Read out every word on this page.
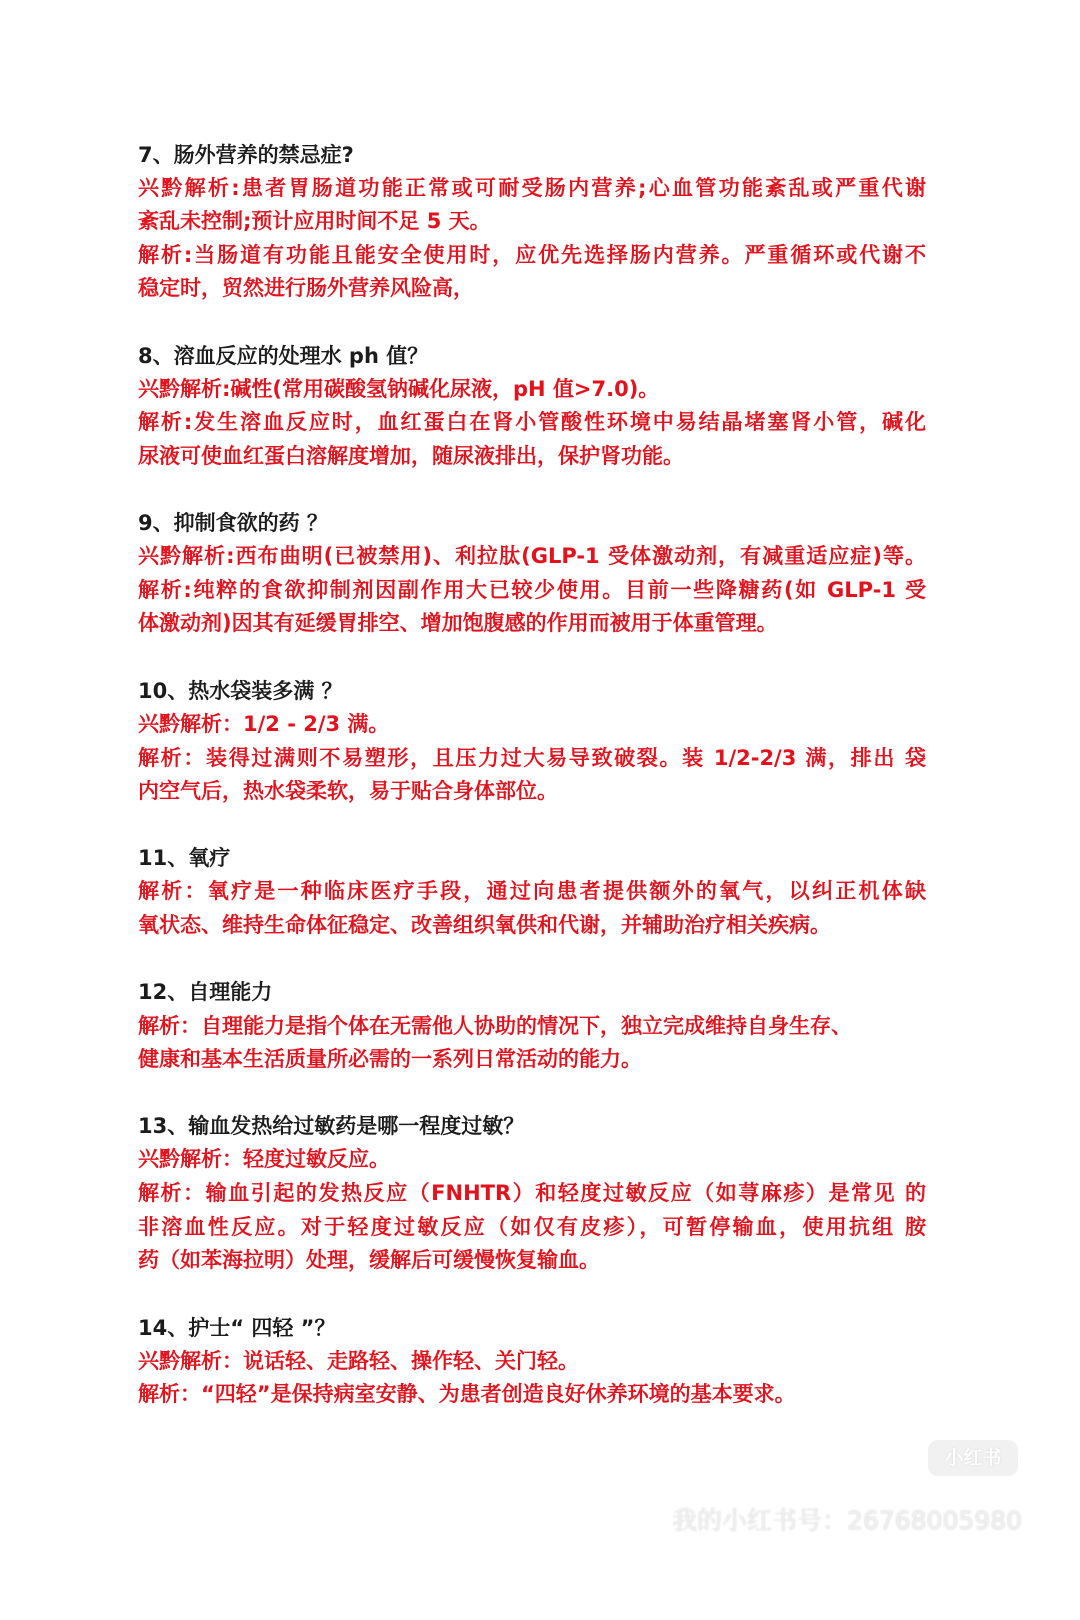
7、肠外营养的禁忌症?
兴黔解析:患者胃肠道功能正常或可耐受肠内营养;心血管功能紊乱或严重代谢
紊乱未控制;预计应用时间不足 5 天。
解析:当肠道有功能且能安全使用时，应优先选择肠内营养。严重循环或代谢不
稳定时，贸然进行肠外营养风险高，
8、溶血反应的处理水 ph 值？
兴黔解析:碱性(常用碳酸氢钠碱化尿液，pH 值>7.0)。
解析:发生溶血反应时，血红蛋白在肾小管酸性环境中易结晶堵塞肾小管，碱化
尿液可使血红蛋白溶解度增加，随尿液排出，保护肾功能。
9、抑制食欲的药 ？
兴黔解析:西布曲明(已被禁用)、利拉肽(GLP-1 受体激动剂，有减重适应症)等。
解析:纯粹的食欲抑制剂因副作用大已较少使用。目前一些降糖药(如 GLP-1 受
体激动剂)因其有延缓胃排空、增加饱腹感的作用而被用于体重管理。
10、热水袋装多满 ？
兴黔解析：1/2 - 2/3 满。
解析：装得过满则不易塑形，且压力过大易导致破裂。装 1/2-2/3 满，排出 袋
内空气后，热水袋柔软，易于贴合身体部位。
11、氧疗
解析：氧疗是一种临床医疗手段，通过向患者提供额外的氧气，以纠正机体缺
氧状态、维持生命体征稳定、改善组织氧供和代谢，并辅助治疗相关疾病。
12、自理能力
解析：自理能力是指个体在无需他人协助的情况下，独立完成维持自身生存、
健康和基本生活质量所必需的一系列日常活动的能力。
13、输血发热给过敏药是哪一程度过敏？
兴黔解析：轻度过敏反应。
解析：输血引起的发热反应（FNHTR）和轻度过敏反应（如荨麻疹）是常见 的
非溶血性反应。对于轻度过敏反应（如仅有皮疹），可暂停输血，使用抗组 胺
药（如苯海拉明）处理，缓解后可缓慢恢复输血。
14、护士“ 四轻 ”？
兴黔解析：说话轻、走路轻、操作轻、关门轻。
解析：“四轻”是保持病室安静、为患者创造良好休养环境的基本要求。
小红书
我的小红书号：26768005980
